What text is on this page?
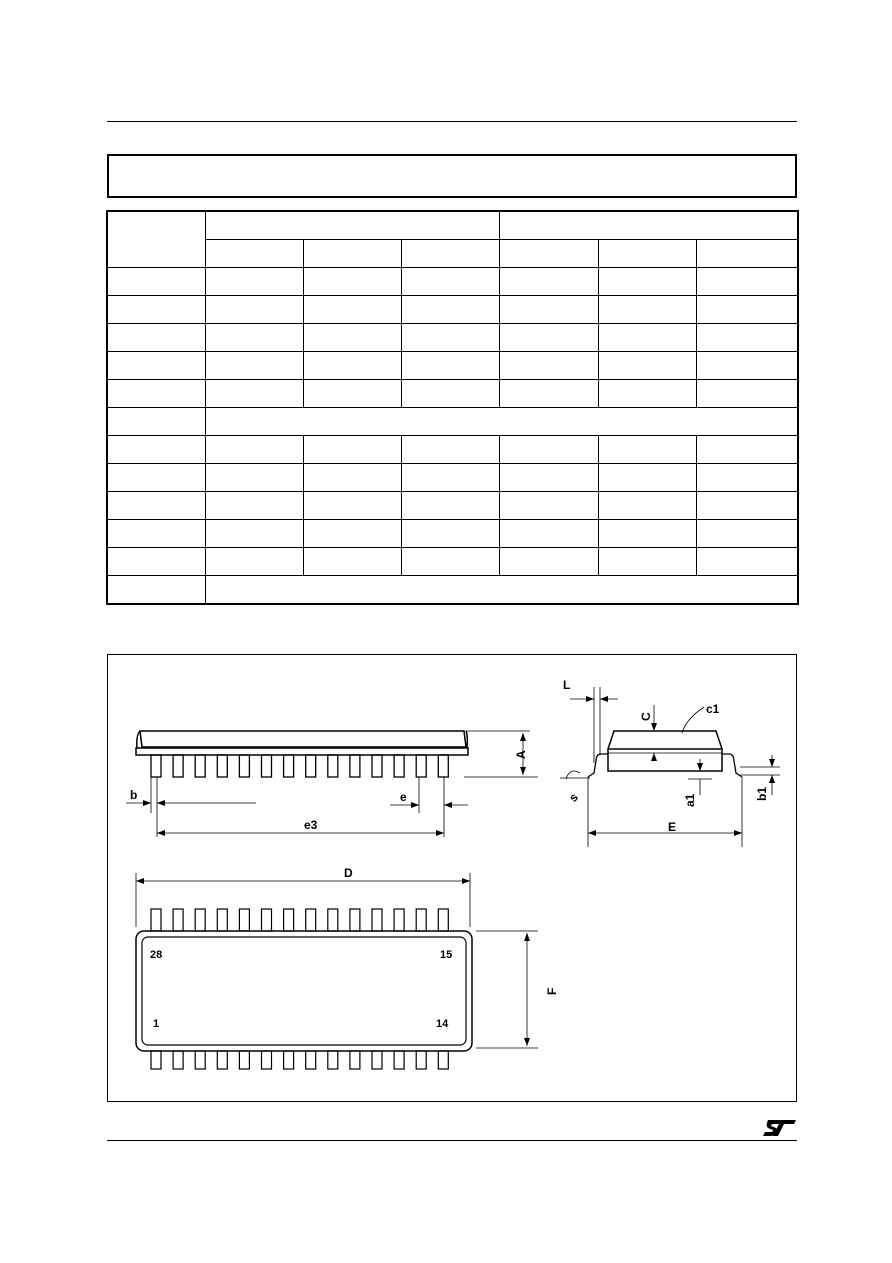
A
b	e
e3
L
C
c1
a1	b1
E
s
D
F
28	15
1	14
